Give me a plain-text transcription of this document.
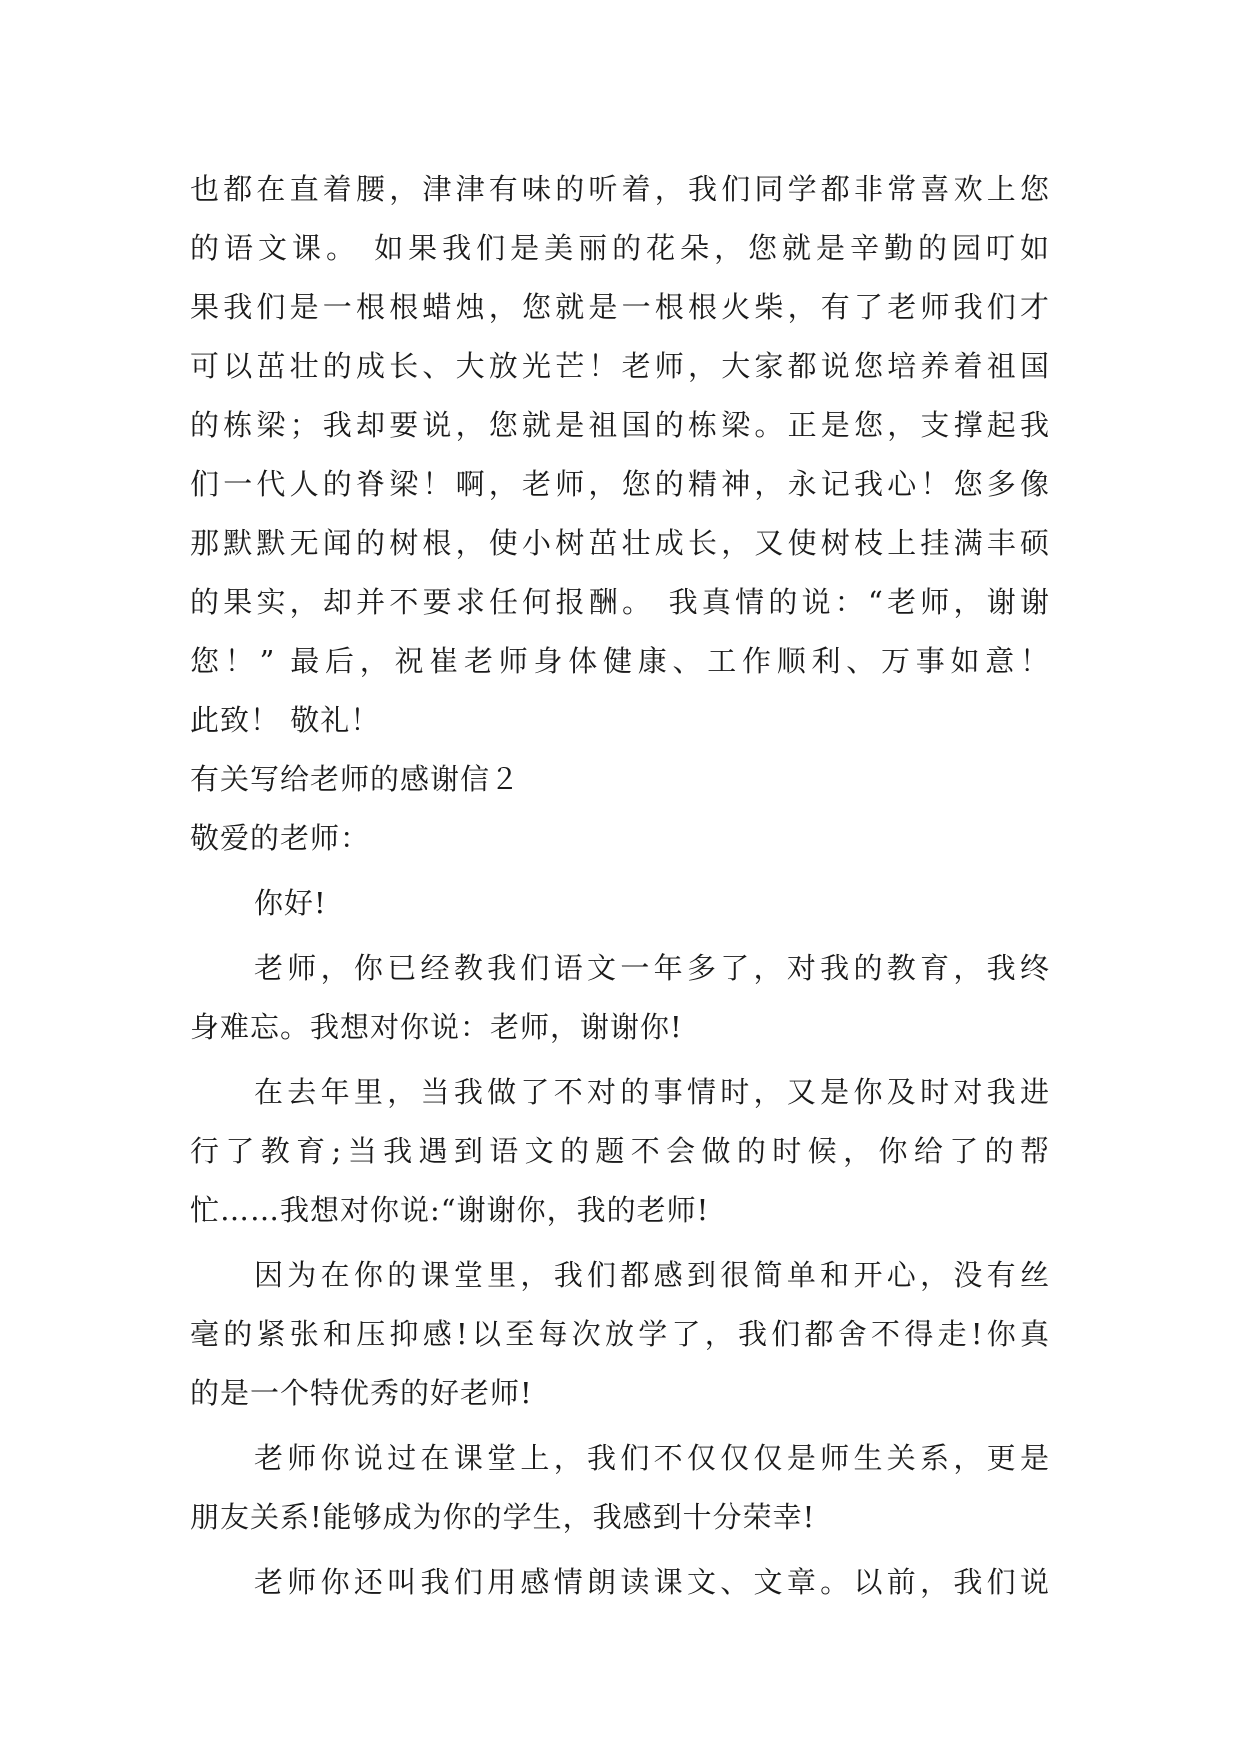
也都在直着腰，津津有味的听着，我们同学都非常喜欢上您
的语文课。 如果我们是美丽的花朵，您就是辛勤的园叮如
果我们是一根根蜡烛，您就是一根根火柴，有了老师我们才
可以茁壮的成长、大放光芒！老师，大家都说您培养着祖国
的栋梁；我却要说，您就是祖国的栋梁。正是您，支撑起我
们一代人的脊梁！啊，老师，您的精神，永记我心！您多像
那默默无闻的树根，使小树茁壮成长，又使树枝上挂满丰硕
的果实，却并不要求任何报酬。 我真情的说：“老师，谢谢
您！” 最后，祝崔老师身体健康、工作顺利、万事如意！
此致！ 敬礼！
有关写给老师的感谢信２
敬爱的老师：
你好!
老师，你已经教我们语文一年多了，对我的教育，我终
身难忘。我想对你说：老师，谢谢你!
在去年里，当我做了不对的事情时，又是你及时对我进
行了教育;当我遇到语文的题不会做的时候，你给了的帮
忙……我想对你说:“谢谢你，我的老师!
因为在你的课堂里，我们都感到很简单和开心，没有丝
毫的紧张和压抑感!以至每次放学了，我们都舍不得走!你真
的是一个特优秀的好老师!
老师你说过在课堂上，我们不仅仅仅是师生关系，更是
朋友关系!能够成为你的学生，我感到十分荣幸!
老师你还叫我们用感情朗读课文、文章。以前，我们说
